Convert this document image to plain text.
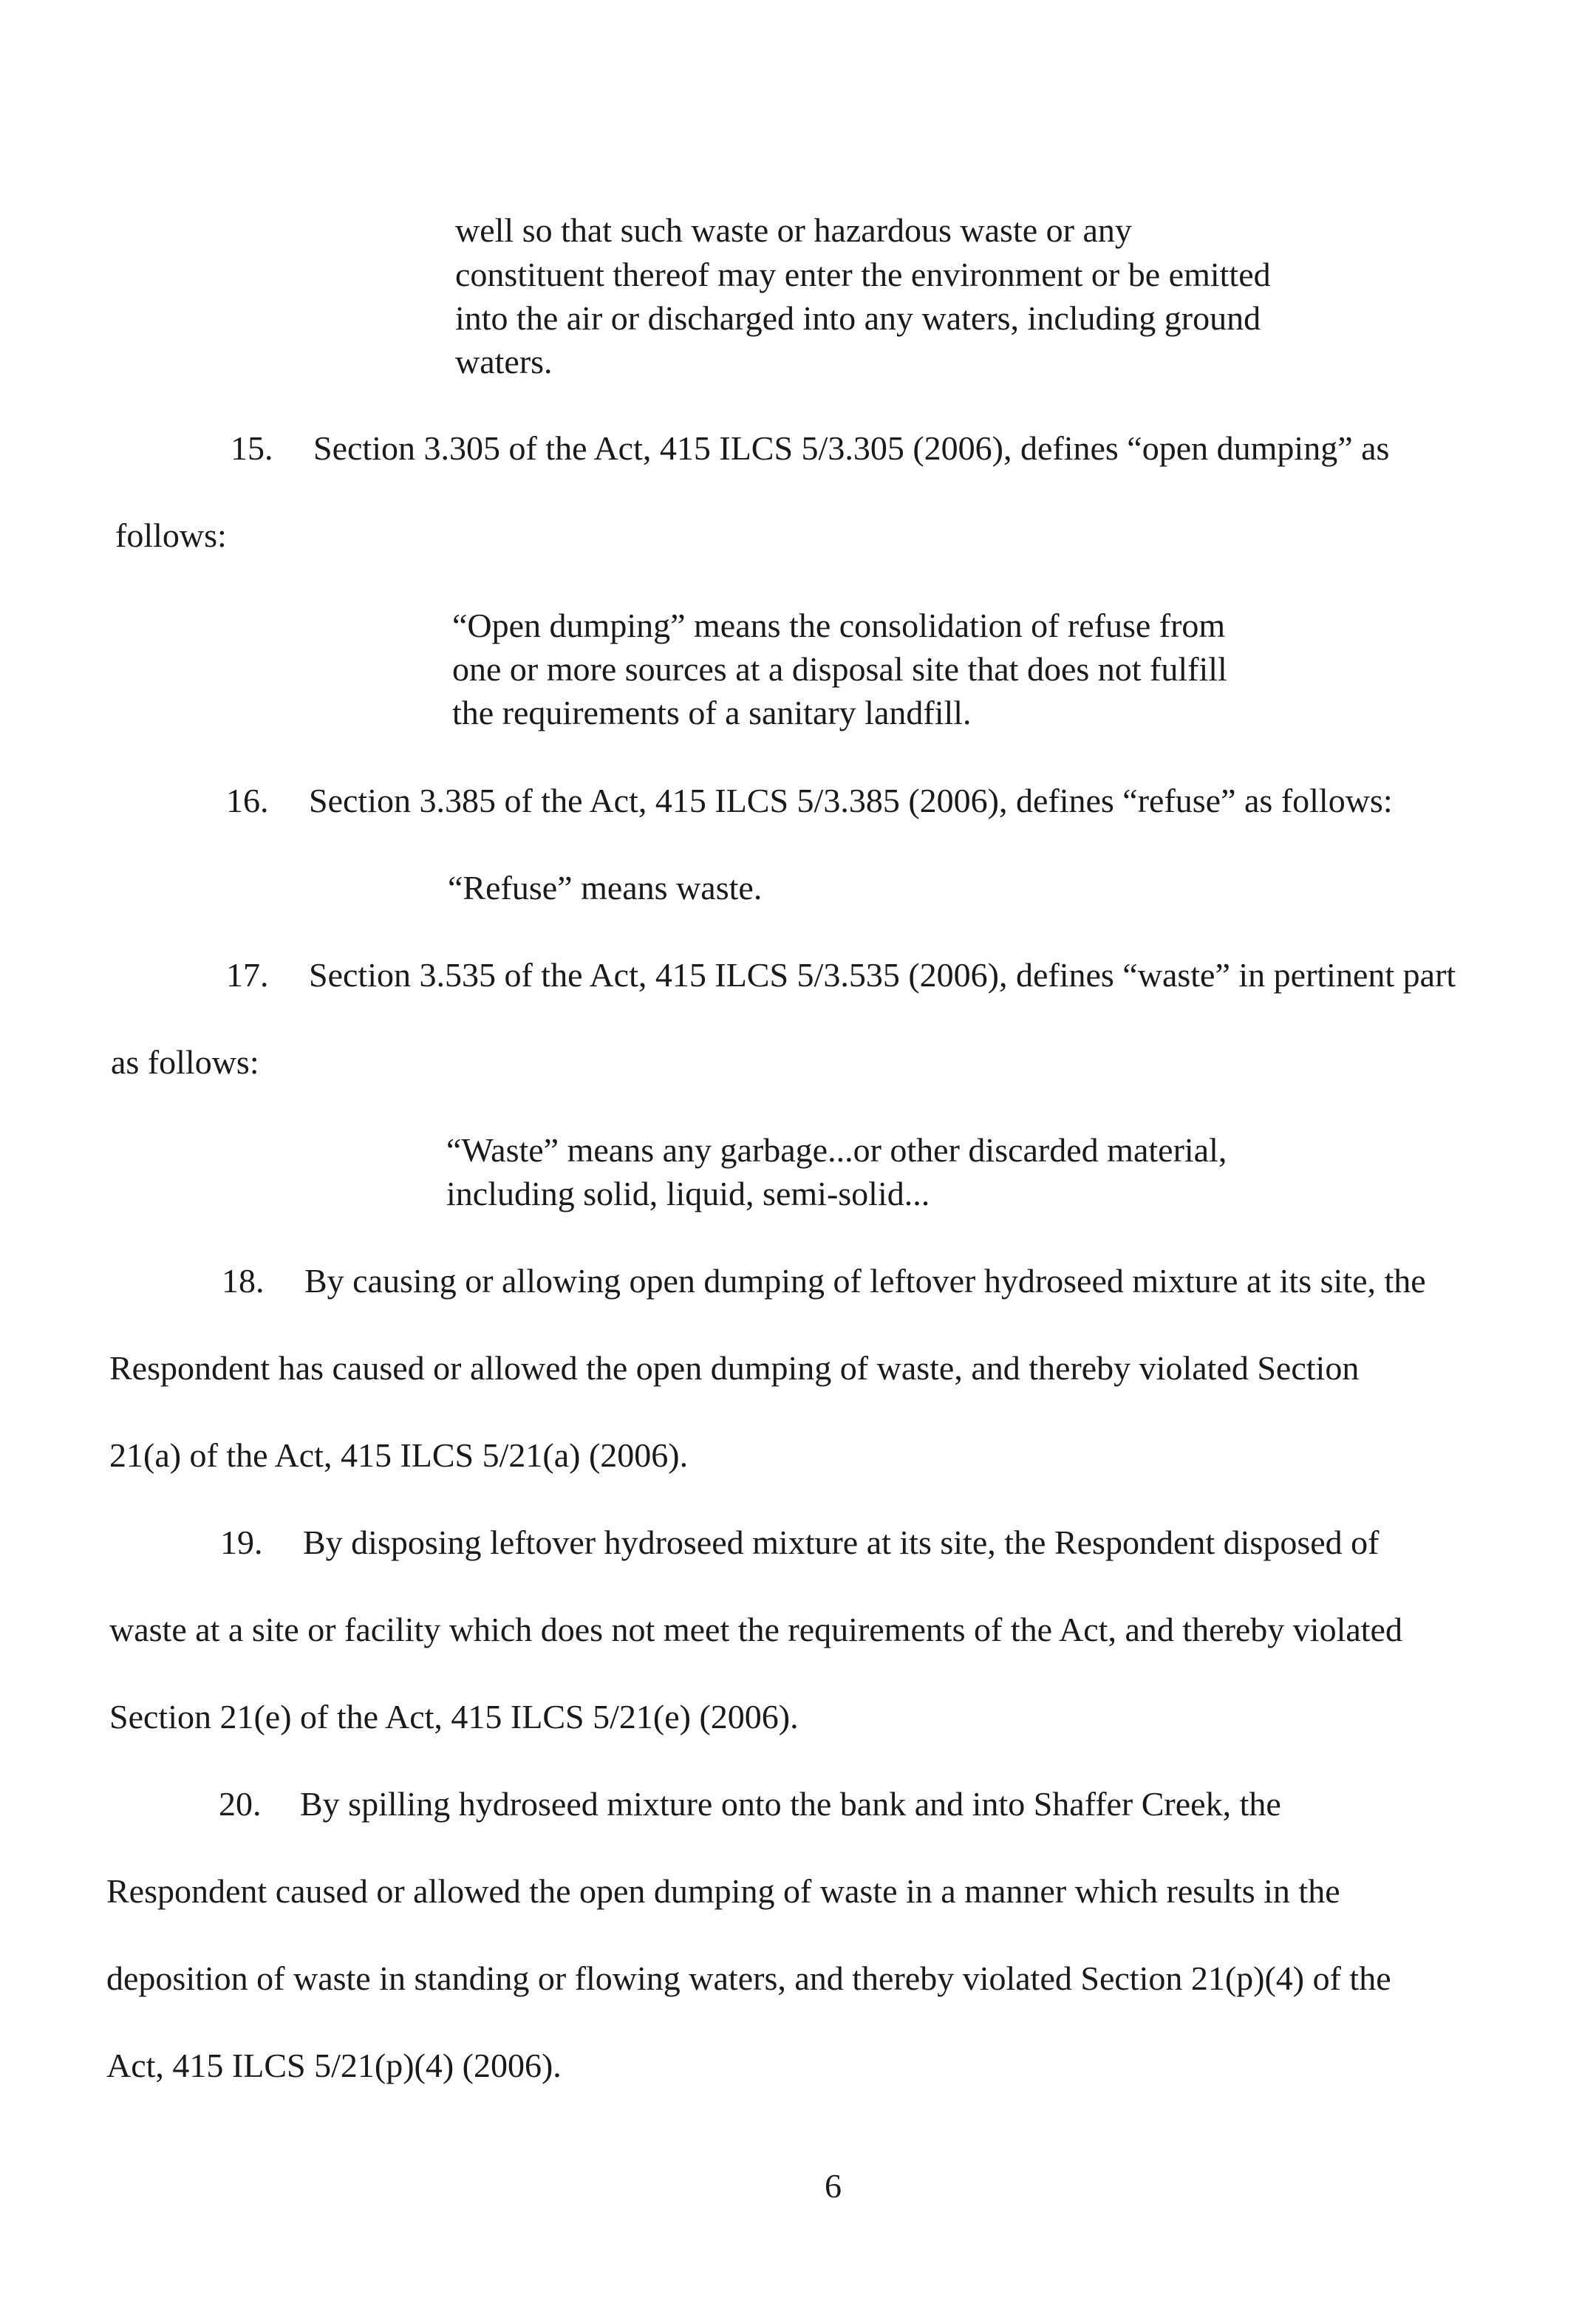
well so that such waste or hazardous waste or any
constituent thereof may enter the environment or be emitted
into the air or discharged into any waters, including ground
waters.
15. Section 3.305 of the Act, 415 ILCS 5/3.305 (2006), defines “open dumping” as
follows:
“Open dumping” means the consolidation of refuse from
one or more sources at a disposal site that does not fulfill
the requirements of a sanitary landfill.
16. Section 3.385 of the Act, 415 ILCS 5/3.385 (2006), defines “refuse” as follows:
“Refuse” means waste.
17. Section 3.535 of the Act, 415 ILCS 5/3.535 (2006), defines “waste” in pertinent part
as follows:
“Waste” means any garbage...or other discarded material,
including solid, liquid, semi-solid...
18. By causing or allowing open dumping of leftover hydroseed mixture at its site, the
Respondent has caused or allowed the open dumping of waste, and thereby violated Section
21(a) of the Act, 415 ILCS 5/21(a) (2006).
19. By disposing leftover hydroseed mixture at its site, the Respondent disposed of
waste at a site or facility which does not meet the requirements of the Act, and thereby violated
Section 21(e) of the Act, 415 ILCS 5/21(e) (2006).
20. By spilling hydroseed mixture onto the bank and into Shaffer Creek, the
Respondent caused or allowed the open dumping of waste in a manner which results in the
deposition of waste in standing or flowing waters, and thereby violated Section 21(p)(4) of the
Act, 415 ILCS 5/21(p)(4) (2006).
6
